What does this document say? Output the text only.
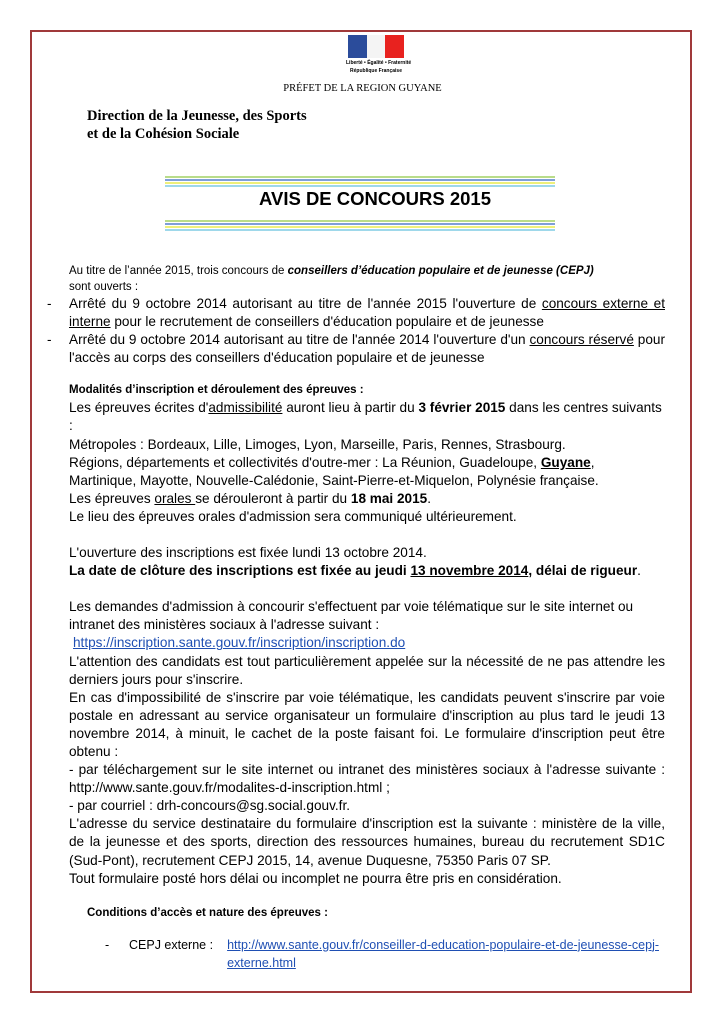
Liberté • Égalité • Fraternité
République Française
PRÉFET DE LA REGION GUYANE
Direction de la Jeunesse, des Sports
et de la Cohésion Sociale
AVIS DE CONCOURS 2015
Au titre de l’année 2015, trois concours de conseillers d’éducation populaire et de jeunesse (CEPJ)
sont ouverts :
- Arrêté du 9 octobre 2014 autorisant au titre de l'année 2015 l'ouverture de concours externe et interne pour le recrutement de conseillers d'éducation populaire et de jeunesse
- Arrêté du 9 octobre 2014 autorisant au titre de l'année 2014 l'ouverture d'un concours réservé pour l'accès au corps des conseillers d'éducation populaire et de jeunesse
Modalités d’inscription et déroulement des épreuves :
Les épreuves écrites d'admissibilité auront lieu à partir du 3 février 2015 dans les centres suivants :
Métropoles : Bordeaux, Lille, Limoges, Lyon, Marseille, Paris, Rennes, Strasbourg.
Régions, départements et collectivités d'outre-mer : La Réunion, Guadeloupe, Guyane, Martinique, Mayotte, Nouvelle-Calédonie, Saint-Pierre-et-Miquelon, Polynésie française.
Les épreuves orales se dérouleront à partir du 18 mai 2015.
Le lieu des épreuves orales d'admission sera communiqué ultérieurement.
L'ouverture des inscriptions est fixée lundi 13 octobre 2014.
La date de clôture des inscriptions est fixée au jeudi 13 novembre 2014, délai de rigueur.
Les demandes d'admission à concourir s'effectuent par voie télématique sur le site internet ou intranet des ministères sociaux à l'adresse suivant :
https://inscription.sante.gouv.fr/inscription/inscription.do
L'attention des candidats est tout particulièrement appelée sur la nécessité de ne pas attendre les derniers jours pour s'inscrire.
En cas d'impossibilité de s'inscrire par voie télématique, les candidats peuvent s'inscrire par voie postale en adressant au service organisateur un formulaire d'inscription au plus tard le jeudi 13 novembre 2014, à minuit, le cachet de la poste faisant foi. Le formulaire d'inscription peut être obtenu :
- par téléchargement sur le site internet ou intranet des ministères sociaux à l'adresse suivante : http://www.sante.gouv.fr/modalites-d-inscription.html ;
- par courriel : drh-concours@sg.social.gouv.fr.
L'adresse du service destinataire du formulaire d'inscription est la suivante : ministère de la ville, de la jeunesse et des sports, direction des ressources humaines, bureau du recrutement SD1C (Sud-Pont), recrutement CEPJ 2015, 14, avenue Duquesne, 75350 Paris 07 SP.
Tout formulaire posté hors délai ou incomplet ne pourra être pris en considération.
Conditions d’accès et nature des épreuves :
-	CEPJ externe : http://www.sante.gouv.fr/conseiller-d-education-populaire-et-de-jeunesse-cepj-externe.html
